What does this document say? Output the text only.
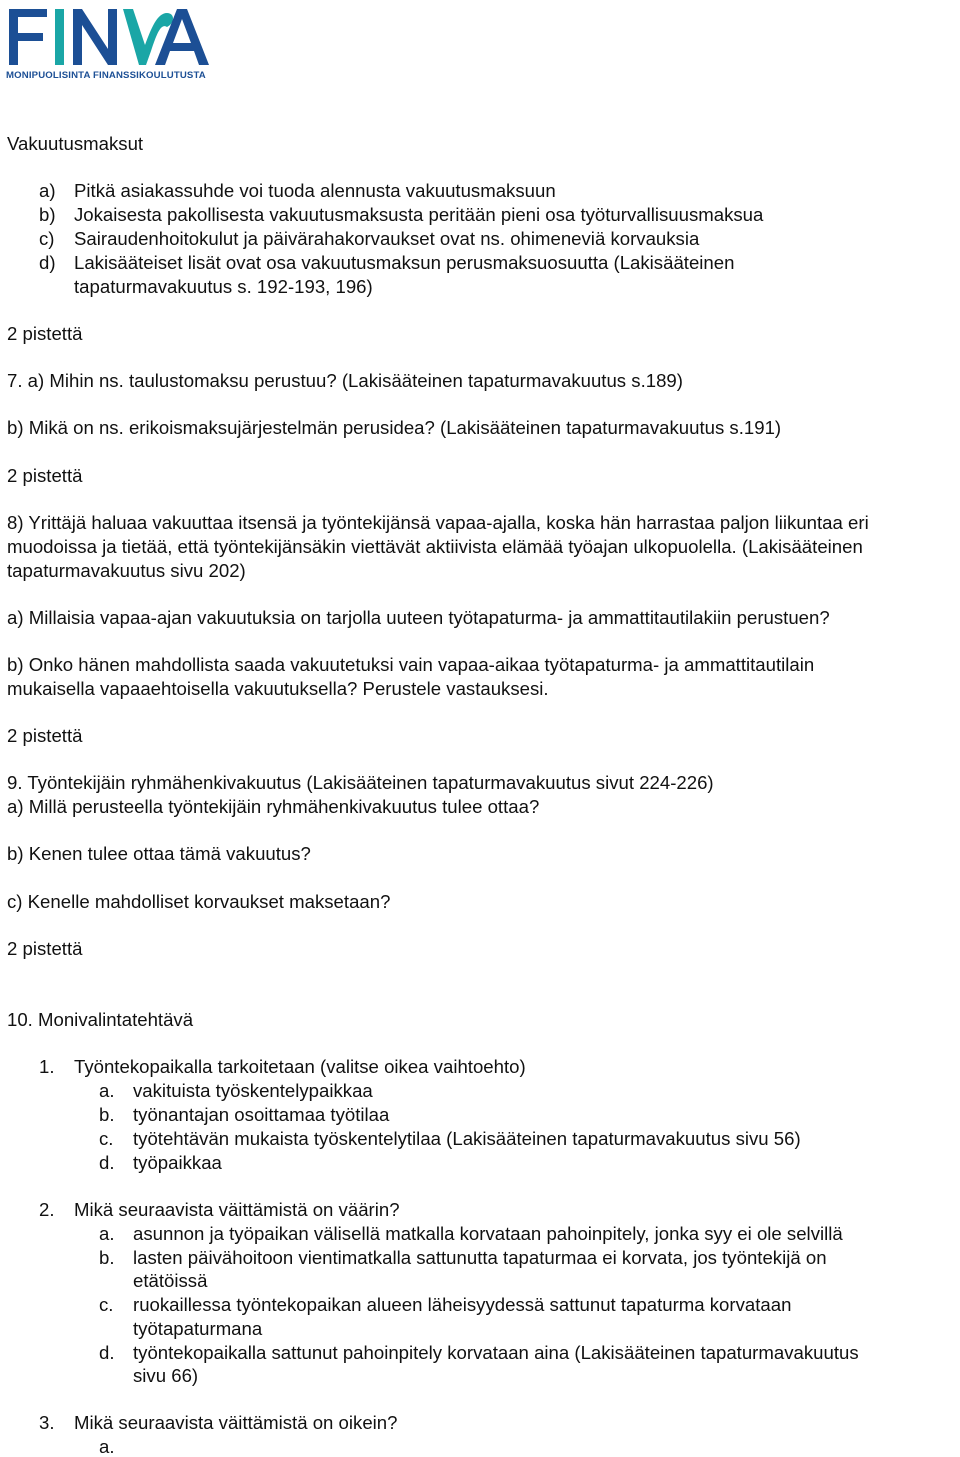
MONIPUOLISINTA FINANSSIKOULUTUSTA
Vakuutusmaksut
a) Pitkä asiakassuhde voi tuoda alennusta vakuutusmaksuun
b) Jokaisesta pakollisesta vakuutusmaksusta peritään pieni osa työturvallisuusmaksua
c) Sairaudenhoitokulut ja päivärahakorvaukset ovat ns. ohimeneviä korvauksia
d) Lakisääteiset lisät ovat osa vakuutusmaksun perusmaksuosuutta (Lakisääteinen
tapaturmavakuutus s. 192-193, 196)
2 pistettä
7. a) Mihin ns. taulustomaksu perustuu? (Lakisääteinen tapaturmavakuutus s.189)
b) Mikä on ns. erikoismaksujärjestelmän perusidea? (Lakisääteinen tapaturmavakuutus s.191)
2 pistettä
8) Yrittäjä haluaa vakuuttaa itsensä ja työntekijänsä vapaa-ajalla, koska hän harrastaa paljon liikuntaa eri
muodoissa ja tietää, että työntekijänsäkin viettävät aktiivista elämää työajan ulkopuolella. (Lakisääteinen
tapaturmavakuutus sivu 202)
a) Millaisia vapaa-ajan vakuutuksia on tarjolla uuteen työtapaturma- ja ammattitautilakiin perustuen?
b) Onko hänen mahdollista saada vakuutetuksi vain vapaa-aikaa työtapaturma- ja ammattitautilain
mukaisella vapaaehtoisella vakuutuksella? Perustele vastauksesi.
2 pistettä
9. Työntekijäin ryhmähenkivakuutus (Lakisääteinen tapaturmavakuutus sivut 224-226)
a) Millä perusteella työntekijäin ryhmähenkivakuutus tulee ottaa?
b) Kenen tulee ottaa tämä vakuutus?
c) Kenelle mahdolliset korvaukset maksetaan?
2 pistettä
10. Monivalintatehtävä
1. Työntekopaikalla tarkoitetaan (valitse oikea vaihtoehto)
a. vakituista työskentelypaikkaa
b. työnantajan osoittamaa työtilaa
c. työtehtävän mukaista työskentelytilaa (Lakisääteinen tapaturmavakuutus sivu 56)
d. työpaikkaa
2. Mikä seuraavista väittämistä on väärin?
a. asunnon ja työpaikan välisellä matkalla korvataan pahoinpitely, jonka syy ei ole selvillä
b. lasten päivähoitoon vientimatkalla sattunutta tapaturmaa ei korvata, jos työntekijä on
etätöissä
c. ruokaillessa työntekopaikan alueen läheisyydessä sattunut tapaturma korvataan
työtapaturmana
d. työntekopaikalla sattunut pahoinpitely korvataan aina (Lakisääteinen tapaturmavakuutus
sivu 66)
3. Mikä seuraavista väittämistä on oikein?
a.
